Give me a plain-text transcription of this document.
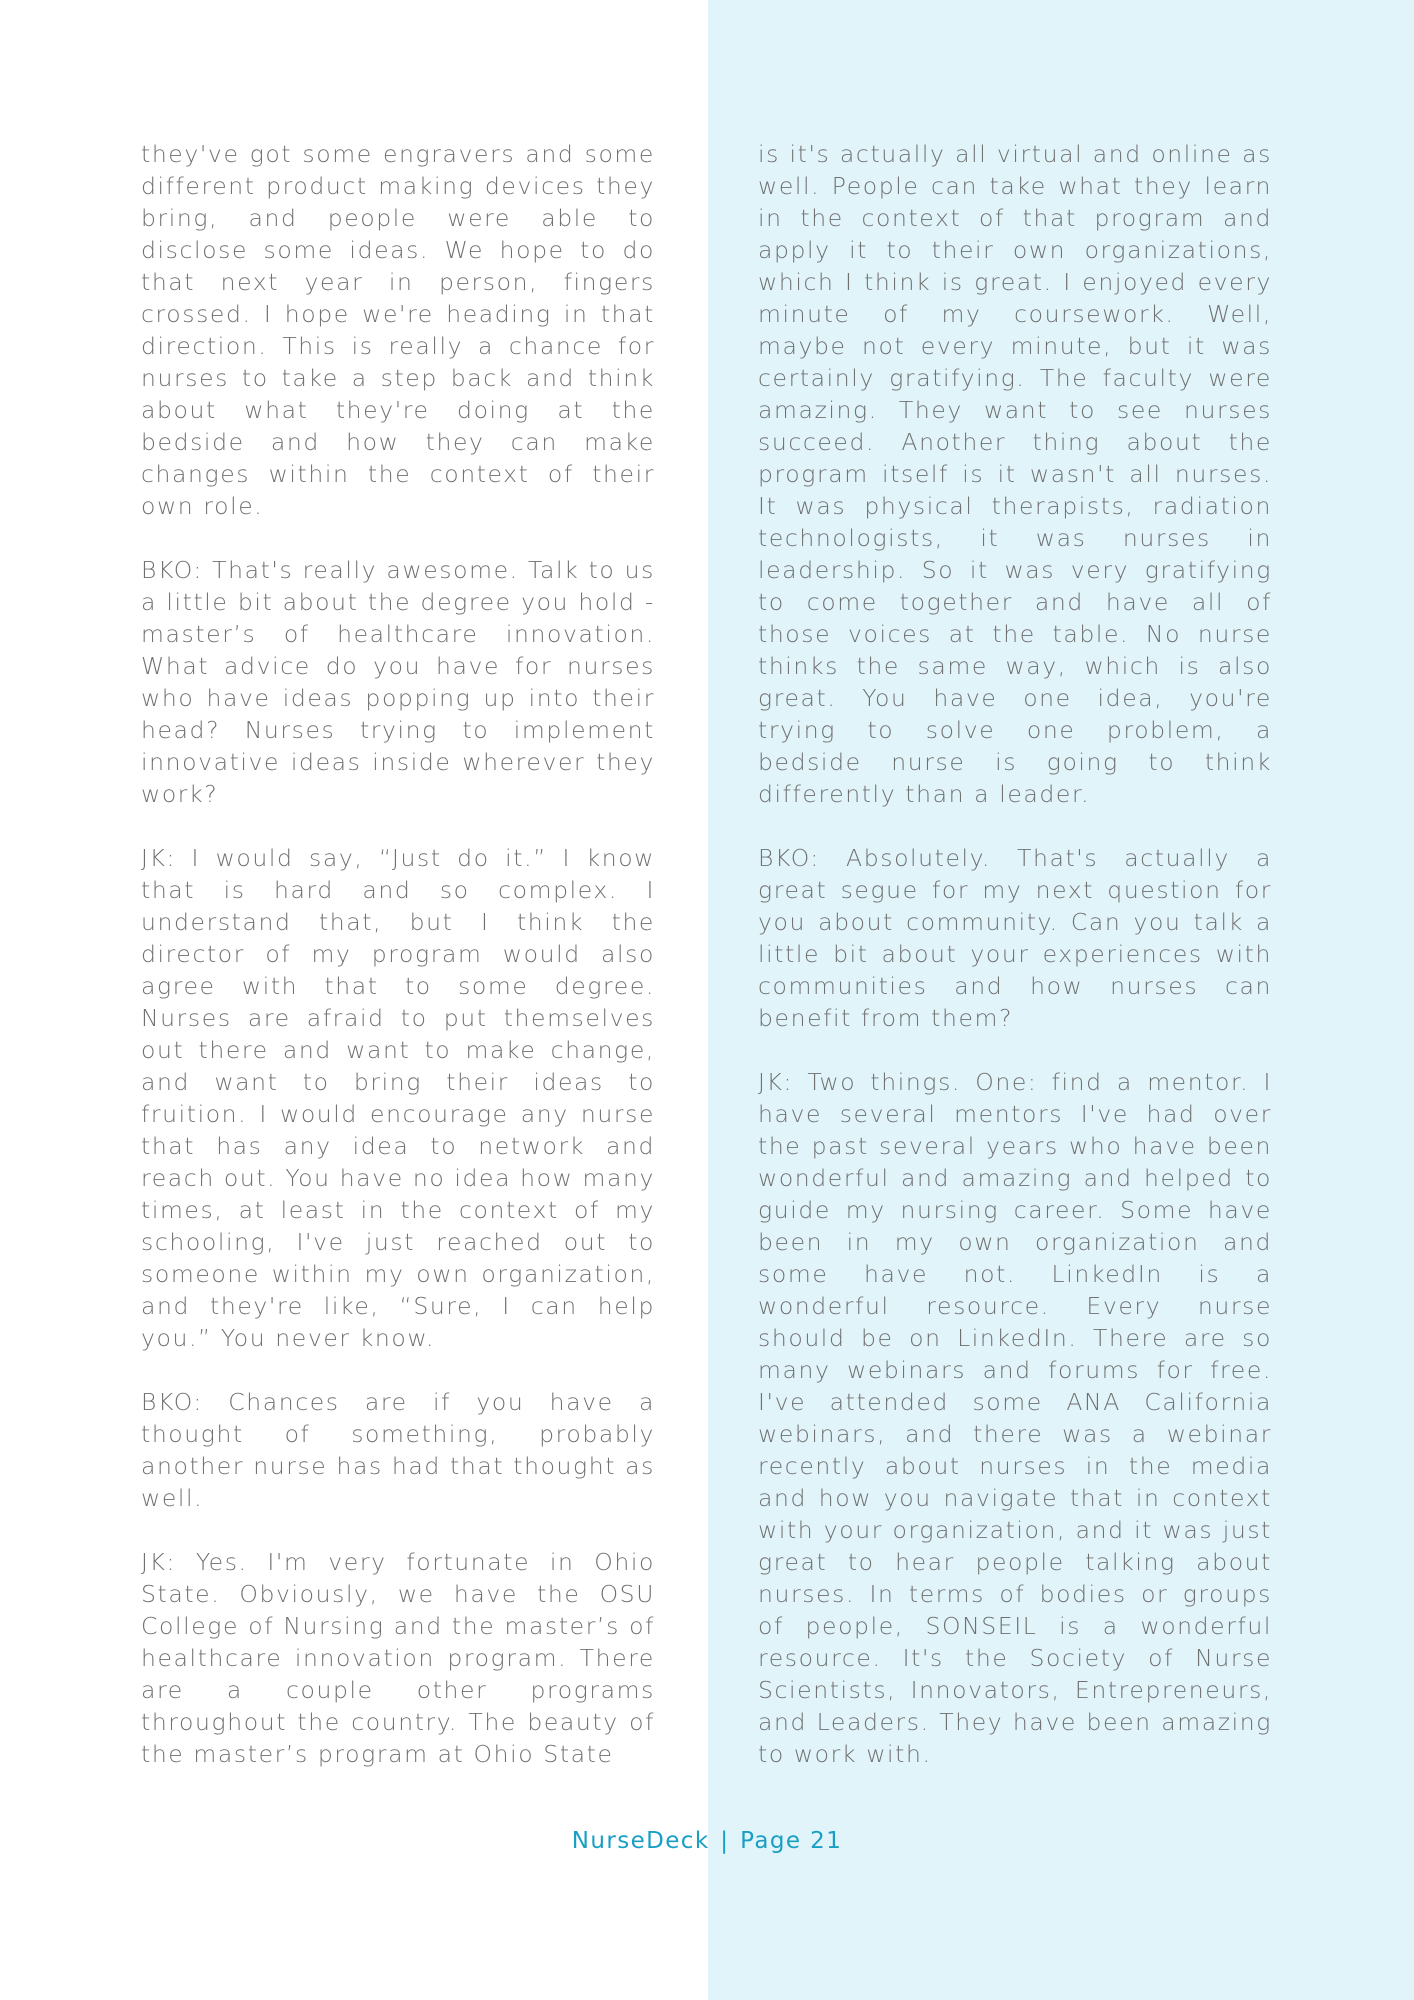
they've got some engravers and some different product making devices they bring, and people were able to disclose some ideas. We hope to do that next year in person, fingers crossed. I hope we're heading in that direction. This is really a chance for nurses to take a step back and think about what they're doing at the bedside and how they can make changes within the context of their own role.

BKO: That's really awesome. Talk to us a little bit about the degree you hold - master’s of healthcare innovation. What advice do you have for nurses who have ideas popping up into their head? Nurses trying to implement innovative ideas inside wherever they work?

JK: I would say, “Just do it.” I know that is hard and so complex. I understand that, but I think the director of my program would also agree with that to some degree. Nurses are afraid to put themselves out there and want to make change, and want to bring their ideas to fruition. I would encourage any nurse that has any idea to network and reach out. You have no idea how many times, at least in the context of my schooling, I've just reached out to someone within my own organization, and they're like, “Sure, I can help you.” You never know.

BKO: Chances are if you have a thought of something, probably another nurse has had that thought as well.

JK: Yes. I'm very fortunate in Ohio State. Obviously, we have the OSU College of Nursing and the master’s of healthcare innovation program. There are a couple other programs throughout the country. The beauty of the master’s program at Ohio State

is it's actually all virtual and online as well. People can take what they learn in the context of that program and apply it to their own organizations, which I think is great. I enjoyed every minute of my coursework. Well, maybe not every minute, but it was certainly gratifying. The faculty were amazing. They want to see nurses succeed. Another thing about the program itself is it wasn't all nurses. It was physical therapists, radiation technologists, it was nurses in leadership. So it was very gratifying to come together and have all of those voices at the table. No nurse thinks the same way, which is also great. You have one idea, you're trying to solve one problem, a bedside nurse is going to think differently than a leader.

BKO: Absolutely. That's actually a great segue for my next question for you about community. Can you talk a little bit about your experiences with communities and how nurses can benefit from them?

JK: Two things. One: find a mentor. I have several mentors I've had over the past several years who have been wonderful and amazing and helped to guide my nursing career. Some have been in my own organization and some have not. LinkedIn is a wonderful resource. Every nurse should be on LinkedIn. There are so many webinars and forums for free. I've attended some ANA California webinars, and there was a webinar recently about nurses in the media and how you navigate that in context with your organization, and it was just great to hear people talking about nurses. In terms of bodies or groups of people, SONSEIL is a wonderful resource. It's the Society of Nurse Scientists, Innovators, Entrepreneurs, and Leaders. They have been amazing to work with.

NurseDeck | Page 21
